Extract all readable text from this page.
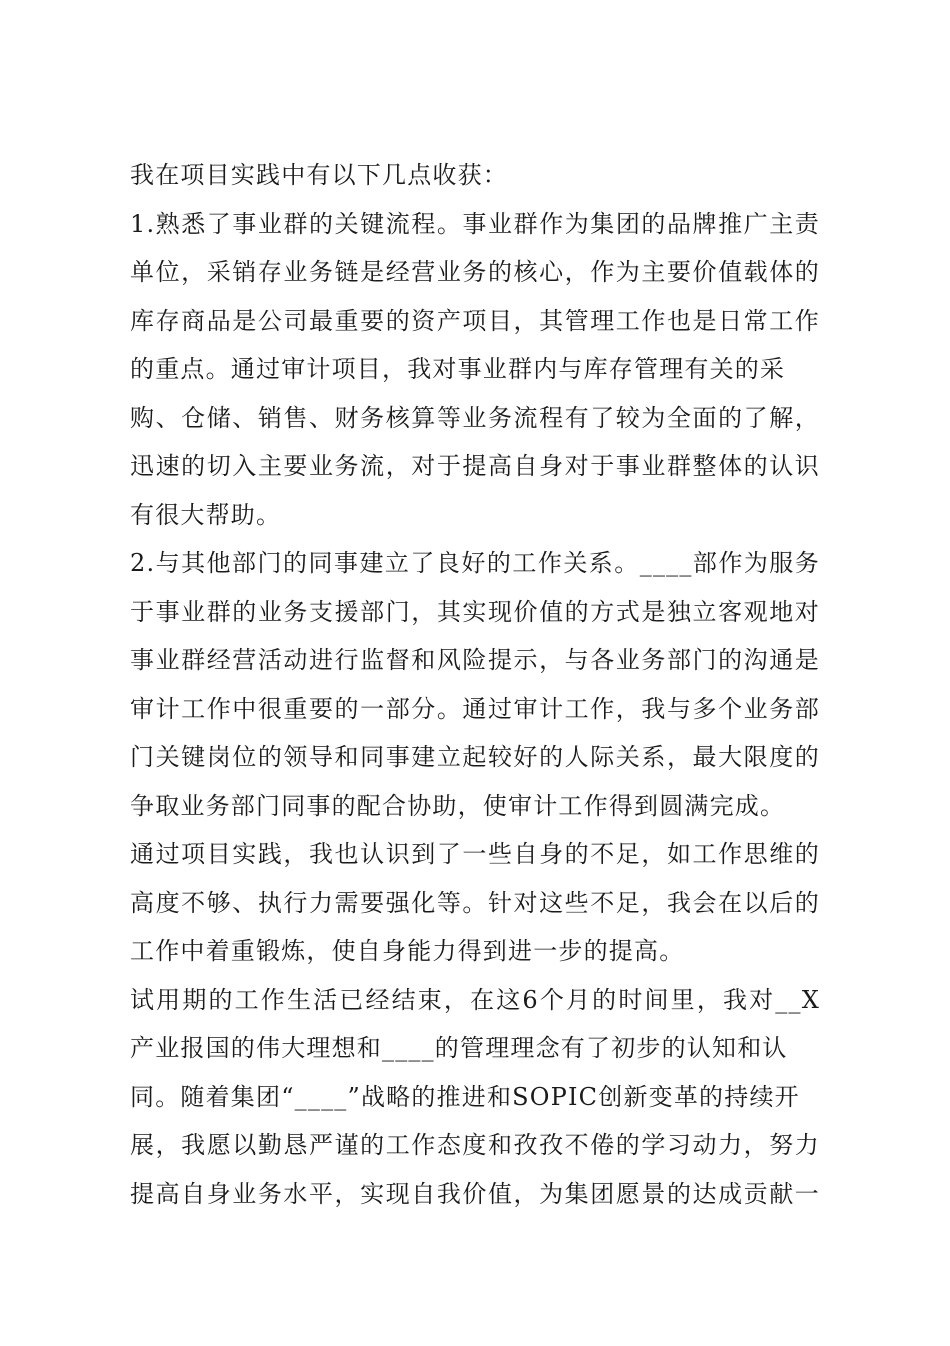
我在项目实践中有以下几点收获：
1.熟悉了事业群的关键流程。事业群作为集团的品牌推广主责
单位，采销存业务链是经营业务的核心，作为主要价值载体的
库存商品是公司最重要的资产项目，其管理工作也是日常工作
的重点。通过审计项目，我对事业群内与库存管理有关的采
购、仓储、销售、财务核算等业务流程有了较为全面的了解，
迅速的切入主要业务流，对于提高自身对于事业群整体的认识
有很大帮助。
2.与其他部门的同事建立了良好的工作关系。____部作为服务
于事业群的业务支援部门，其实现价值的方式是独立客观地对
事业群经营活动进行监督和风险提示，与各业务部门的沟通是
审计工作中很重要的一部分。通过审计工作，我与多个业务部
门关键岗位的领导和同事建立起较好的人际关系，最大限度的
争取业务部门同事的配合协助，使审计工作得到圆满完成。
通过项目实践，我也认识到了一些自身的不足，如工作思维的
高度不够、执行力需要强化等。针对这些不足，我会在以后的
工作中着重锻炼，使自身能力得到进一步的提高。
试用期的工作生活已经结束，在这6个月的时间里，我对__X
产业报国的伟大理想和____的管理理念有了初步的认知和认
同。随着集团“____”战略的推进和SOPIC创新变革的持续开
展，我愿以勤恳严谨的工作态度和孜孜不倦的学习动力，努力
提高自身业务水平，实现自我价值，为集团愿景的达成贡献一
